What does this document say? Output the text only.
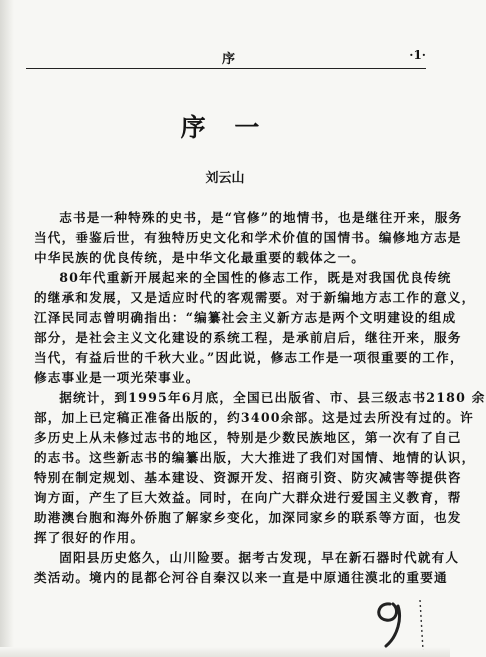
序	·1·
序 一
刘云山

志书是一种特殊的史书，是“官修”的地情书，也是继往开来，服务
当代，垂鉴后世，有独特历史文化和学术价值的国情书。编修地方志是
中华民族的优良传统，是中华文化最重要的载体之一。

80年代重新开展起来的全国性的修志工作，既是对我国优良传统
的继承和发展，又是适应时代的客观需要。对于新编地方志工作的意义，
江泽民同志曾明确指出：“编纂社会主义新方志是两个文明建设的组成
部分，是社会主义文化建设的系统工程，是承前启后，继往开来，服务
当代，有益后世的千秋大业。”因此说，修志工作是一项很重要的工作，
修志事业是一项光荣事业。

据统计，到1995年6月底，全国已出版省、市、县三级志书2180 余
部，加上已定稿正准备出版的，约3400余部。这是过去所没有过的。许
多历史上从未修过志书的地区，特别是少数民族地区，第一次有了自己
的志书。这些新志书的编纂出版，大大推进了我们对国情、地情的认识，
特别在制定规划、基本建设、资源开发、招商引资、防灾减害等提供咨
询方面，产生了巨大效益。同时，在向广大群众进行爱国主义教育，帮
助港澳台胞和海外侨胞了解家乡变化，加深同家乡的联系等方面，也发
挥了很好的作用。

固阳县历史悠久，山川险要。据考古发现，早在新石器时代就有人
类活动。境内的昆都仑河谷自秦汉以来一直是中原通往漠北的重要通
